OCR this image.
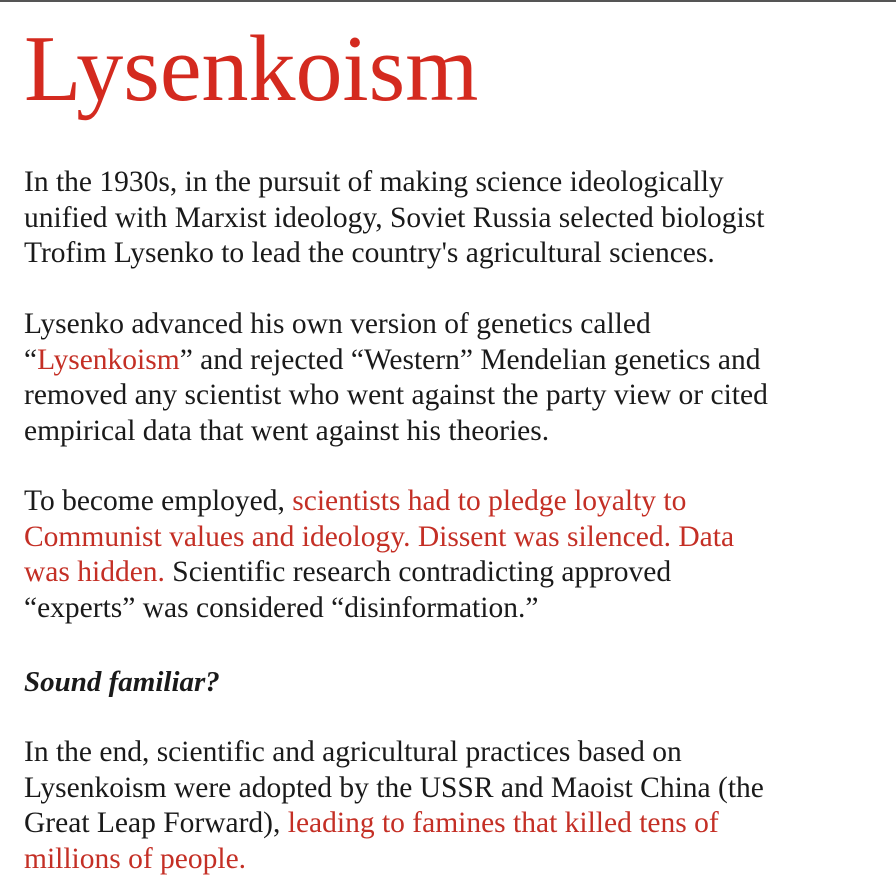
Lysenkoism

In the 1930s, in the pursuit of making science ideologically
unified with Marxist ideology, Soviet Russia selected biologist
Trofim Lysenko to lead the country's agricultural sciences.

Lysenko advanced his own version of genetics called
“Lysenkoism” and rejected “Western” Mendelian genetics and
removed any scientist who went against the party view or cited
empirical data that went against his theories.

To become employed, scientists had to pledge loyalty to
Communist values and ideology. Dissent was silenced. Data
was hidden. Scientific research contradicting approved
“experts” was considered “disinformation.”

Sound familiar?

In the end, scientific and agricultural practices based on
Lysenkoism were adopted by the USSR and Maoist China (the
Great Leap Forward), leading to famines that killed tens of
millions of people.
